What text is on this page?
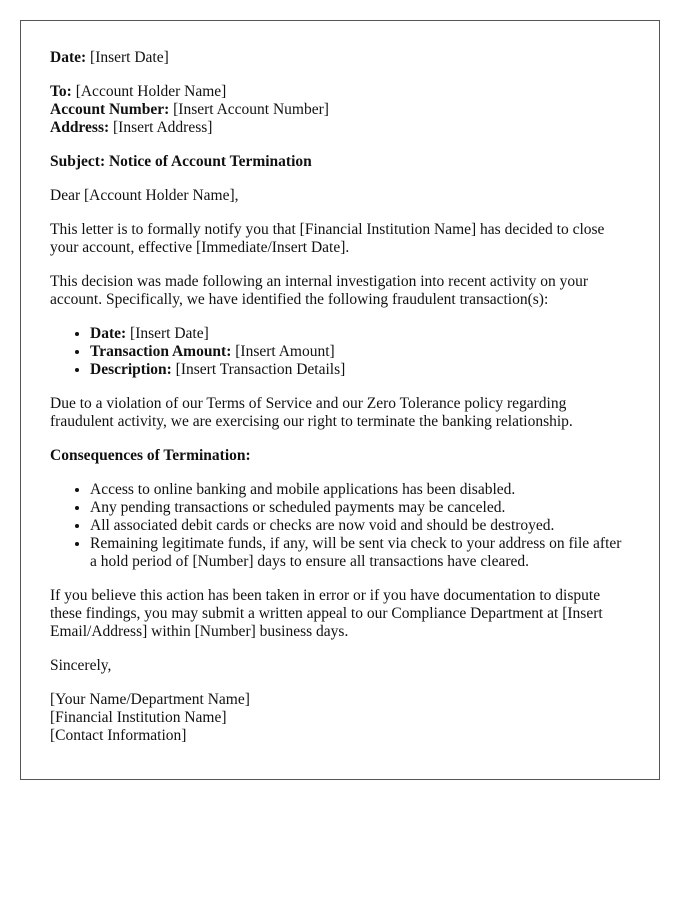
Date: [Insert Date]

To: [Account Holder Name]
Account Number: [Insert Account Number]
Address: [Insert Address]

Subject: Notice of Account Termination

Dear [Account Holder Name],

This letter is to formally notify you that [Financial Institution Name] has decided to close your account, effective [Immediate/Insert Date].

This decision was made following an internal investigation into recent activity on your account. Specifically, we have identified the following fraudulent transaction(s):

• Date: [Insert Date]
• Transaction Amount: [Insert Amount]
• Description: [Insert Transaction Details]

Due to a violation of our Terms of Service and our Zero Tolerance policy regarding fraudulent activity, we are exercising our right to terminate the banking relationship.

Consequences of Termination:

• Access to online banking and mobile applications has been disabled.
• Any pending transactions or scheduled payments may be canceled.
• All associated debit cards or checks are now void and should be destroyed.
• Remaining legitimate funds, if any, will be sent via check to your address on file after a hold period of [Number] days to ensure all transactions have cleared.

If you believe this action has been taken in error or if you have documentation to dispute these findings, you may submit a written appeal to our Compliance Department at [Insert Email/Address] within [Number] business days.

Sincerely,

[Your Name/Department Name]
[Financial Institution Name]
[Contact Information]
